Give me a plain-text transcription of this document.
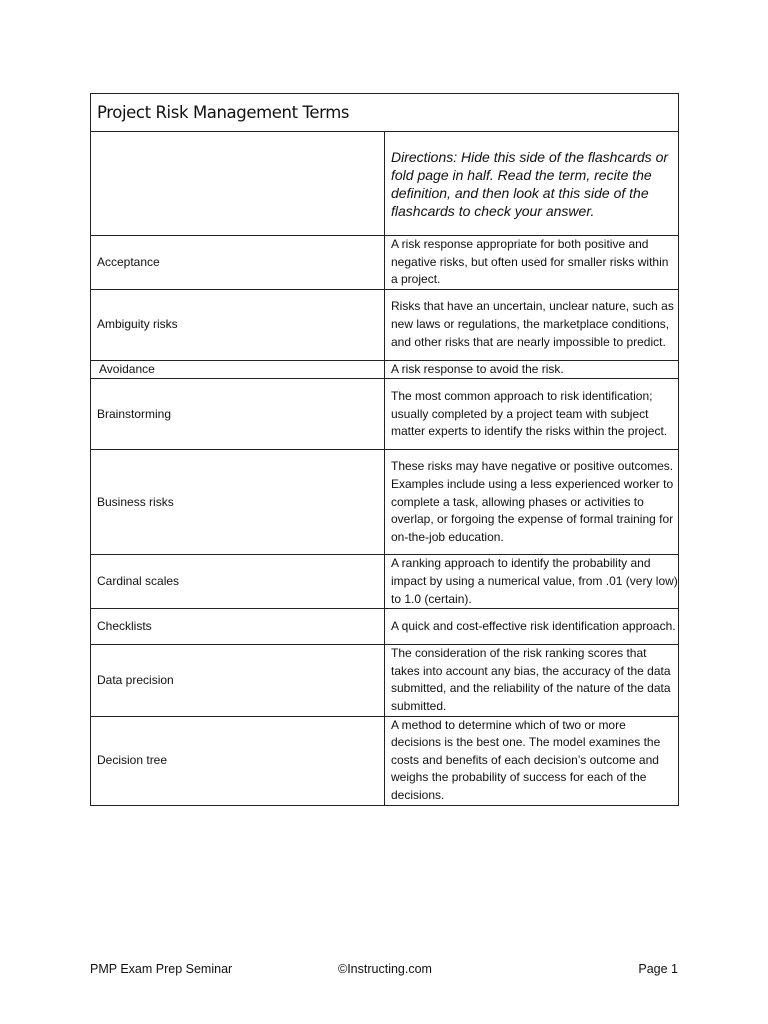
Project Risk Management Terms	
	Directions: Hide this side of the flashcards or fold page in half. Read the term, recite the definition, and then look at this side of the flashcards to check your answer.
Acceptance	A risk response appropriate for both positive and negative risks, but often used for smaller risks within a project.
Ambiguity risks	Risks that have an uncertain, unclear nature, such as new laws or regulations, the marketplace conditions, and other risks that are nearly impossible to predict.
Avoidance	A risk response to avoid the risk.
Brainstorming	The most common approach to risk identification; usually completed by a project team with subject matter experts to identify the risks within the project.
Business risks	These risks may have negative or positive outcomes. Examples include using a less experienced worker to complete a task, allowing phases or activities to overlap, or forgoing the expense of formal training for on-the-job education.
Cardinal scales	A ranking approach to identify the probability and impact by using a numerical value, from .01 (very low) to 1.0 (certain).
Checklists	A quick and cost-effective risk identification approach.
Data precision	The consideration of the risk ranking scores that takes into account any bias, the accuracy of the data submitted, and the reliability of the nature of the data submitted.
Decision tree	A method to determine which of two or more decisions is the best one. The model examines the costs and benefits of each decision’s outcome and weighs the probability of success for each of the decisions.
PMP Exam Prep Seminar	©Instructing.com	Page 1
